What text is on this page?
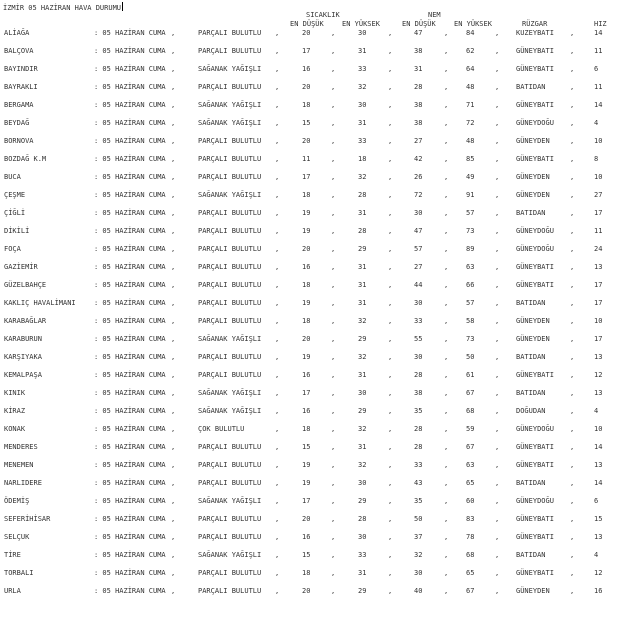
İZMİR 05 HAZİRAN HAVA DURUMU
SICAKLIK	NEM
EN DÜŞÜK	EN YÜKSEK	EN DÜŞÜK	EN YÜKSEK	RÜZGAR	HIZ
ALİAĞA	: 05 HAZİRAN CUMA ,	PARÇALI BULUTLU ,	20	,	30	,	47	,	84	, KUZEYBATI ,	14
BALÇOVA	: 05 HAZİRAN CUMA ,	PARÇALI BULUTLU ,	17	,	31	,	38	,	62	, GÜNEYBATI ,	11
BAYINDIR	: 05 HAZİRAN CUMA ,	SAĞANAK YAĞIŞLI ,	16	,	33	,	31	,	64	, GÜNEYBATI ,	6
BAYRAKLI	: 05 HAZİRAN CUMA ,	PARÇALI BULUTLU ,	20	,	32	,	28	,	48	, BATIDAN	,	11
BERGAMA	: 05 HAZİRAN CUMA ,	SAĞANAK YAĞIŞLI ,	18	,	30	,	38	,	71	, GÜNEYBATI ,	14
BEYDAĞ	: 05 HAZİRAN CUMA ,	SAĞANAK YAĞIŞLI ,	15	,	31	,	38	,	72	, GÜNEYDOĞU ,	4
BORNOVA	: 05 HAZİRAN CUMA ,	PARÇALI BULUTLU ,	20	,	33	,	27	,	48	, GÜNEYDEN	,	10
BOZDAĞ K.M	: 05 HAZİRAN CUMA ,	PARÇALI BULUTLU ,	11	,	18	,	42	,	85	, GÜNEYBATI ,	8
BUCA	: 05 HAZİRAN CUMA ,	PARÇALI BULUTLU ,	17	,	32	,	26	,	49	, GÜNEYDEN	,	10
ÇEŞME	: 05 HAZİRAN CUMA ,	SAĞANAK YAĞIŞLI ,	18	,	28	,	72	,	91	, GÜNEYDEN	,	27
ÇİĞLİ	: 05 HAZİRAN CUMA ,	PARÇALI BULUTLU ,	19	,	31	,	30	,	57	, BATIDAN	,	17
DİKİLİ	: 05 HAZİRAN CUMA ,	PARÇALI BULUTLU ,	19	,	28	,	47	,	73	, GÜNEYDOĞU ,	11
FOÇA	: 05 HAZİRAN CUMA ,	PARÇALI BULUTLU ,	20	,	29	,	57	,	89	, GÜNEYDOĞU ,	24
GAZİEMİR	: 05 HAZİRAN CUMA ,	PARÇALI BULUTLU ,	16	,	31	,	27	,	63	, GÜNEYBATI ,	13
GÜZELBAHÇE	: 05 HAZİRAN CUMA ,	PARÇALI BULUTLU ,	18	,	31	,	44	,	66	, GÜNEYBATI ,	17
KAKLIÇ HAVALİMANI	: 05 HAZİRAN CUMA ,	PARÇALI BULUTLU ,	19	,	31	,	30	,	57	, BATIDAN	,	17
KARABAĞLAR	: 05 HAZİRAN CUMA ,	PARÇALI BULUTLU ,	18	,	32	,	33	,	58	, GÜNEYDEN	,	10
KARABURUN	: 05 HAZİRAN CUMA ,	SAĞANAK YAĞIŞLI ,	20	,	29	,	55	,	73	, GÜNEYDEN	,	17
KARŞIYAKA	: 05 HAZİRAN CUMA ,	PARÇALI BULUTLU ,	19	,	32	,	30	,	50	, BATIDAN	,	13
KEMALPAŞA	: 05 HAZİRAN CUMA ,	PARÇALI BULUTLU ,	16	,	31	,	28	,	61	, GÜNEYBATI ,	12
KINIK	: 05 HAZİRAN CUMA ,	SAĞANAK YAĞIŞLI ,	17	,	30	,	38	,	67	, BATIDAN	,	13
KİRAZ	: 05 HAZİRAN CUMA ,	SAĞANAK YAĞIŞLI ,	16	,	29	,	35	,	68	, DOĞUDAN	,	4
KONAK	: 05 HAZİRAN CUMA ,	ÇOK BULUTLU	,	18	,	32	,	28	,	59	, GÜNEYDOĞU ,	10
MENDERES	: 05 HAZİRAN CUMA ,	PARÇALI BULUTLU ,	15	,	31	,	28	,	67	, GÜNEYBATI ,	14
MENEMEN	: 05 HAZİRAN CUMA ,	PARÇALI BULUTLU ,	19	,	32	,	33	,	63	, GÜNEYBATI ,	13
NARLIDERE	: 05 HAZİRAN CUMA ,	PARÇALI BULUTLU ,	19	,	30	,	43	,	65	, BATIDAN	,	14
ÖDEMİŞ	: 05 HAZİRAN CUMA ,	SAĞANAK YAĞIŞLI ,	17	,	29	,	35	,	60	, GÜNEYDOĞU ,	6
SEFERİHİSAR	: 05 HAZİRAN CUMA ,	PARÇALI BULUTLU ,	20	,	28	,	50	,	83	, GÜNEYBATI ,	15
SELÇUK	: 05 HAZİRAN CUMA ,	PARÇALI BULUTLU ,	16	,	30	,	37	,	78	, GÜNEYBATI ,	13
TİRE	: 05 HAZİRAN CUMA ,	SAĞANAK YAĞIŞLI ,	15	,	33	,	32	,	68	, BATIDAN	,	4
TORBALI	: 05 HAZİRAN CUMA ,	PARÇALI BULUTLU ,	18	,	31	,	30	,	65	, GÜNEYBATI ,	12
URLA	: 05 HAZİRAN CUMA ,	PARÇALI BULUTLU ,	20	,	29	,	40	,	67	, GÜNEYDEN	,	16
